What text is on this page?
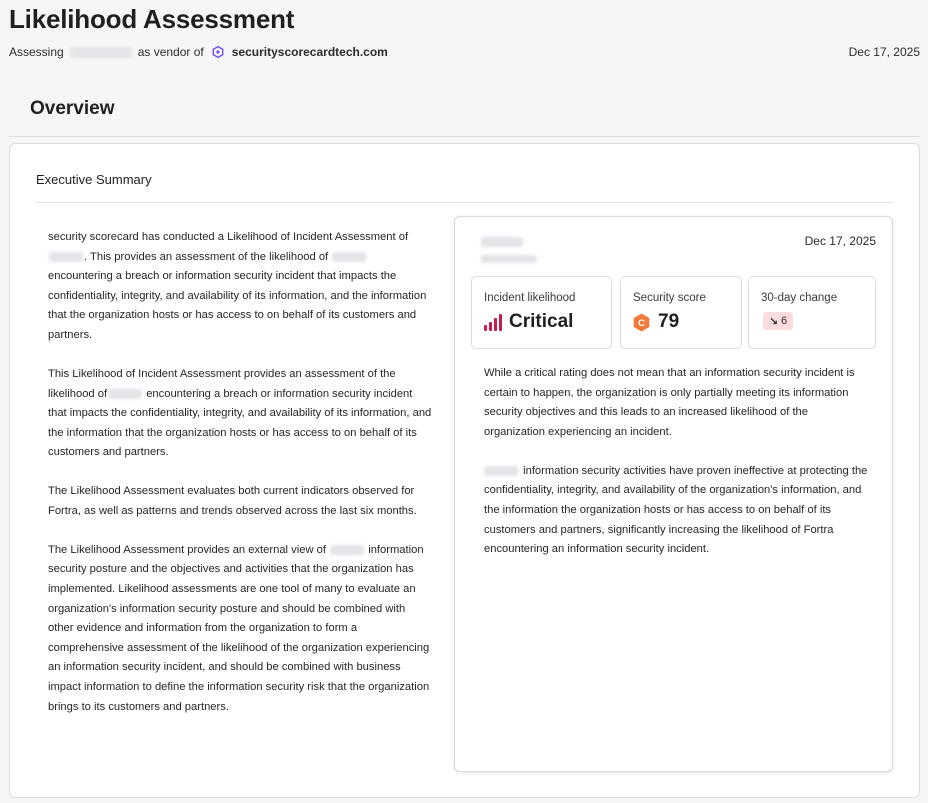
Likelihood Assessment
Assessing	as vendor of securityscorecardtech.com	Dec 17, 2025
Overview
Executive Summary

security scorecard has conducted a Likelihood of Incident Assessment of . This provides an assessment of the likelihood of  encountering a breach or information security incident that impacts the confidentiality, integrity, and availability of its information, and the information that the organization hosts or has access to on behalf of its customers and partners.

This Likelihood of Incident Assessment provides an assessment of the likelihood of	encountering a breach or information security incident that impacts the confidentiality, integrity, and availability of its information, and the information that the organization hosts or has access to on behalf of its customers and partners.

The Likelihood Assessment evaluates both current indicators observed for Fortra, as well as patterns and trends observed across the last six months.

The Likelihood Assessment provides an external view of	information security posture and the objectives and activities that the organization has implemented. Likelihood assessments are one tool of many to evaluate an organization's information security posture and should be combined with other evidence and information from the organization to form a comprehensive assessment of the likelihood of the organization experiencing an information security incident, and should be combined with business impact information to define the information security risk that the organization brings to its customers and partners.

Dec 17, 2025
Incident likelihood
Critical
Security score
C 79
30-day change
↘ 6

While a critical rating does not mean that an information security incident is certain to happen, the organization is only partially meeting its information security objectives and this leads to an increased likelihood of the organization experiencing an incident.

information security activities have proven ineffective at protecting the confidentiality, integrity, and availability of the organization's information, and the information the organization hosts or has access to on behalf of its customers and partners, significantly increasing the likelihood of Fortra encountering an information security incident.
